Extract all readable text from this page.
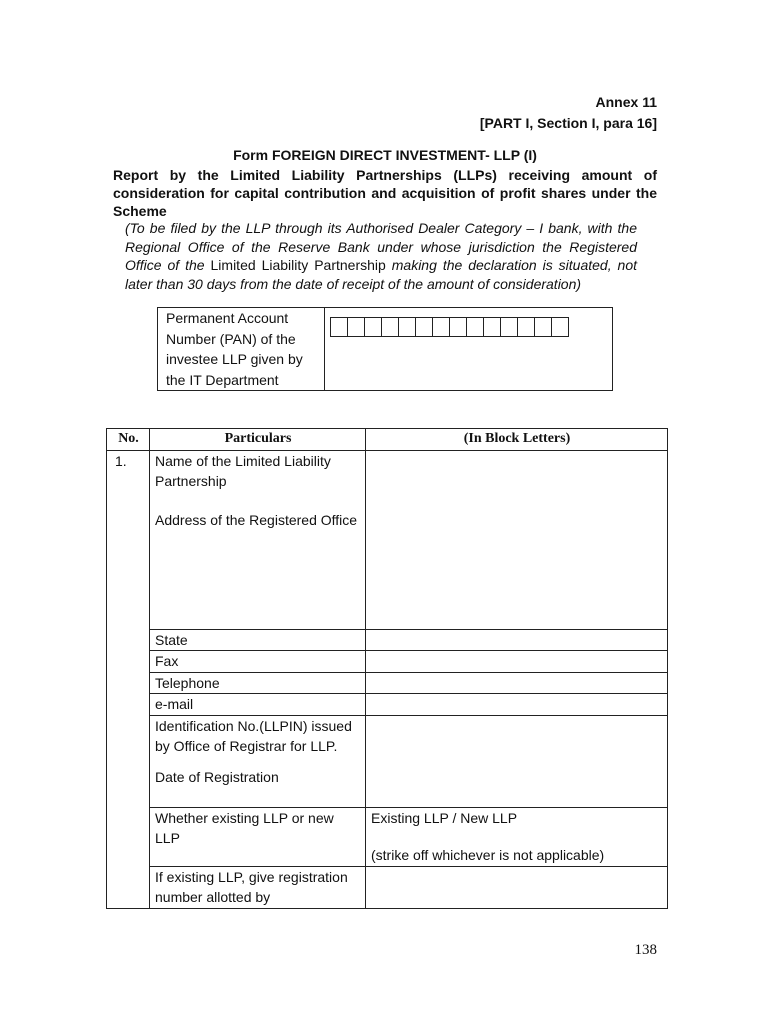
Annex 11
[PART I, Section I, para 16]
Form FOREIGN DIRECT INVESTMENT- LLP (I)
Report by the Limited Liability Partnerships (LLPs) receiving amount of consideration for capital contribution and acquisition of profit shares under the Scheme
(To be filed by the LLP through its Authorised Dealer Category – I bank, with the Regional Office of the Reserve Bank under whose jurisdiction the Registered Office of the Limited Liability Partnership making the declaration is situated, not later than 30 days from the date of receipt of the amount of consideration)
Permanent Account Number (PAN) of the investee LLP given by the IT Department
No.	Particulars	(In Block Letters)
1.	Name of the Limited Liability Partnership
Address of the Registered Office	

	State	
	Fax	
	Telephone	
	e-mail	

	Identification No.(LLPIN) issued by Office of Registrar for LLP.
Date of Registration	

	Whether existing LLP or new LLP	Existing LLP / New LLP
(strike off whichever is not applicable)

	If existing LLP, give registration number allotted by	
138
